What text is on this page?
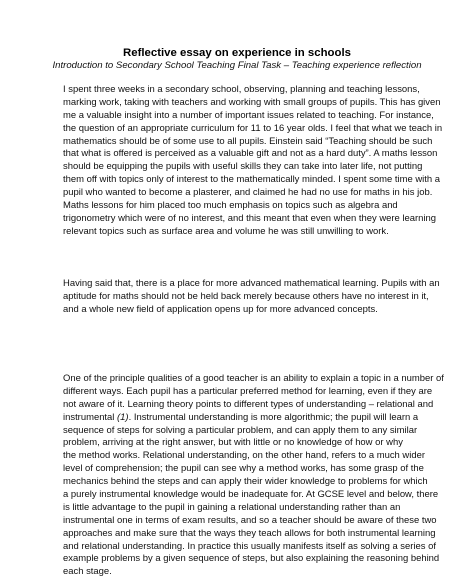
Reflective essay on experience in schools
Introduction to Secondary School Teaching Final Task – Teaching experience reflection
I spent three weeks in a secondary school, observing, planning and teaching lessons,
marking work, taking with teachers and working with small groups of pupils. This has given
me a valuable insight into a number of important issues related to teaching. For instance,
the question of an appropriate curriculum for 11 to 16 year olds. I feel that what we teach in
mathematics should be of some use to all pupils. Einstein said “Teaching should be such
that what is offered is perceived as a valuable gift and not as a hard duty”. A maths lesson
should be equipping the pupils with useful skills they can take into later life, not putting
them off with topics only of interest to the mathematically minded. I spent some time with a
pupil who wanted to become a plasterer, and claimed he had no use for maths in his job.
Maths lessons for him placed too much emphasis on topics such as algebra and
trigonometry which were of no interest, and this meant that even when they were learning
relevant topics such as surface area and volume he was still unwilling to work.
Having said that, there is a place for more advanced mathematical learning. Pupils with an
aptitude for maths should not be held back merely because others have no interest in it,
and a whole new field of application opens up for more advanced concepts.
One of the principle qualities of a good teacher is an ability to explain a topic in a number of
different ways. Each pupil has a particular preferred method for learning, even if they are
not aware of it. Learning theory points to different types of understanding – relational and
instrumental (1). Instrumental understanding is more algorithmic; the pupil will learn a
sequence of steps for solving a particular problem, and can apply them to any similar
problem, arriving at the right answer, but with little or no knowledge of how or why
the method works. Relational understanding, on the other hand, refers to a much wider
level of comprehension; the pupil can see why a method works, has some grasp of the
mechanics behind the steps and can apply their wider knowledge to problems for which
a purely instrumental knowledge would be inadequate for. At GCSE level and below, there
is little advantage to the pupil in gaining a relational understanding rather than an
instrumental one in terms of exam results, and so a teacher should be aware of these two
approaches and make sure that the ways they teach allows for both instrumental learning
and relational understanding. In practice this usually manifests itself as solving a series of
example problems by a given sequence of steps, but also explaining the reasoning behind
each stage.
